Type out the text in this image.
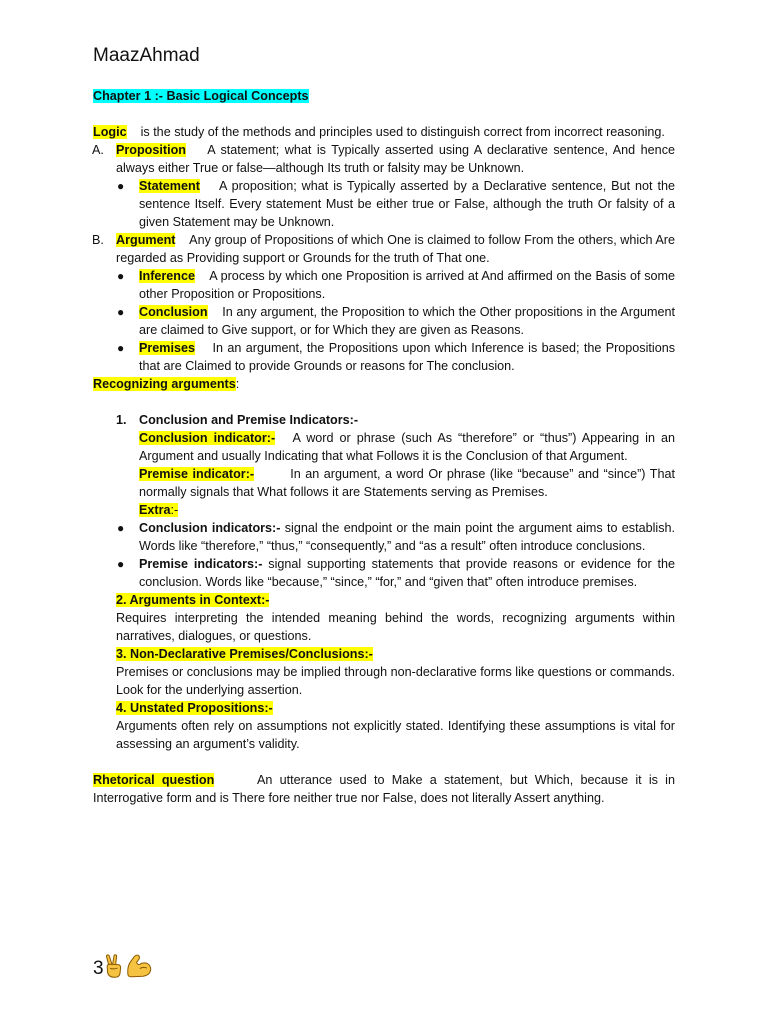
MaazAhmad
Chapter 1 :- Basic Logical Concepts
Logic is the study of the methods and principles used to distinguish correct from incorrect reasoning.
A. Proposition A statement; what is Typically asserted using A declarative sentence, And hence always either True or false—although Its truth or falsity may be Unknown.
● Statement A proposition; what is Typically asserted by a Declarative sentence, But not the sentence Itself. Every statement Must be either true or False, although the truth Or falsity of a given Statement may be Unknown.
B. Argument Any group of Propositions of which One is claimed to follow From the others, which Are regarded as Providing support or Grounds for the truth of That one.
● Inference A process by which one Proposition is arrived at And affirmed on the Basis of some other Proposition or Propositions.
● Conclusion In any argument, the Proposition to which the Other propositions in the Argument are claimed to Give support, or for Which they are given as Reasons.
● Premises In an argument, the Propositions upon which Inference is based; the Propositions that are Claimed to provide Grounds or reasons for The conclusion.
Recognizing arguments:
1. Conclusion and Premise Indicators:-
Conclusion indicator:- A word or phrase (such As “therefore” or “thus”) Appearing in an Argument and usually Indicating that what Follows it is the Conclusion of that Argument.
Premise indicator:-	In an argument, a word Or phrase (like “because” and “since”) That normally signals that What follows it are Statements serving as Premises.
Extra:-
● Conclusion indicators:- signal the endpoint or the main point the argument aims to establish. Words like “therefore,” “thus,” “consequently,” and “as a result” often introduce conclusions.
● Premise indicators:- signal supporting statements that provide reasons or evidence for the conclusion. Words like “because,” “since,” “for,” and “given that” often introduce premises.
2. Arguments in Context:-
Requires interpreting the intended meaning behind the words, recognizing arguments within narratives, dialogues, or questions.
3. Non-Declarative Premises/Conclusions:-
Premises or conclusions may be implied through non-declarative forms like questions or commands. Look for the underlying assertion.
4. Unstated Propositions:-
Arguments often rely on assumptions not explicitly stated. Identifying these assumptions is vital for assessing an argument’s validity.
Rhetorical question	An utterance used to Make a statement, but Which, because it is in Interrogative form and is There fore neither true nor False, does not literally Assert anything.
3
